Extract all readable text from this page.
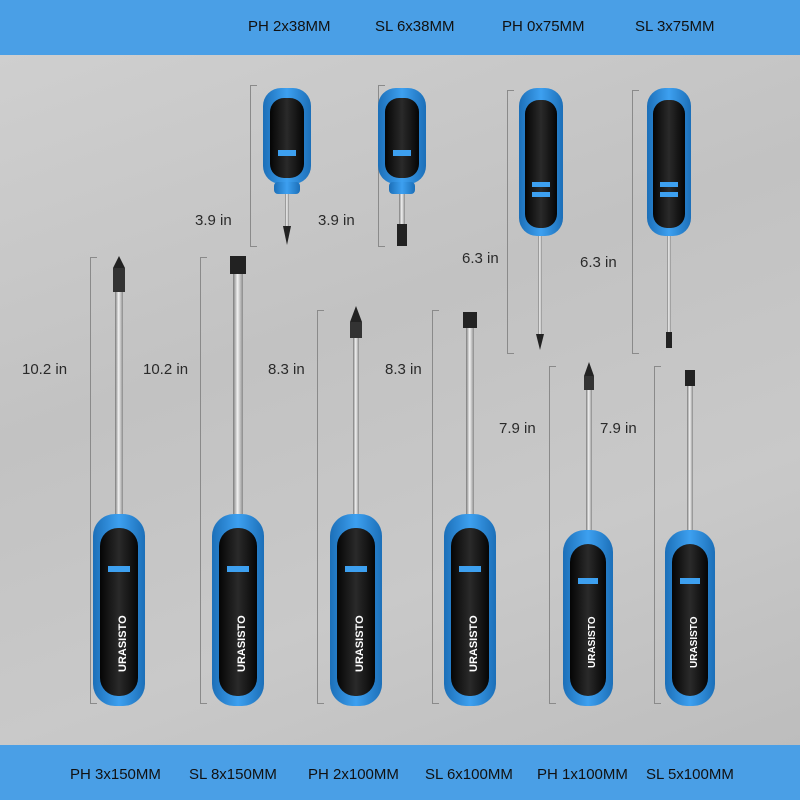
PH 2x38MM	SL 6x38MM	PH 0x75MM	SL 3x75MM
URASISTO	URASISTO	URASISTO	URASISTO	URASISTO	URASISTO
3.9 in	3.9 in
6.3 in	6.3 in
10.2 in	10.2 in	8.3 in	8.3 in
7.9 in	7.9 in
PH 3x150MM SL 8x150MM PH 2x100MM SL 6x100MM PH 1x100MM SL 5x100MM
